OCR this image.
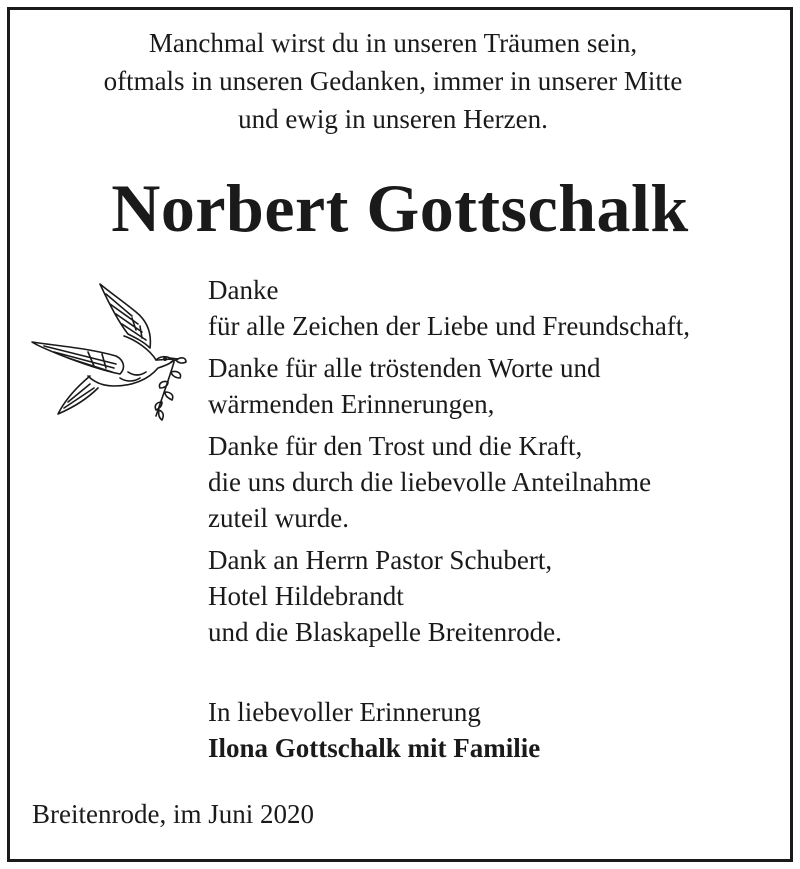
Manchmal wirst du in unseren Träumen sein,
oftmals in unseren Gedanken, immer in unserer Mitte
und ewig in unseren Herzen.
Norbert Gottschalk
Danke
für alle Zeichen der Liebe und Freundschaft,
Danke für alle tröstenden Worte und
wärmenden Erinnerungen,
Danke für den Trost und die Kraft,
die uns durch die liebevolle Anteilnahme
zuteil wurde.
Dank an Herrn Pastor Schubert,
Hotel Hildebrandt
und die Blaskapelle Breitenrode.
In liebevoller Erinnerung
Ilona Gottschalk mit Familie
Breitenrode, im Juni 2020
